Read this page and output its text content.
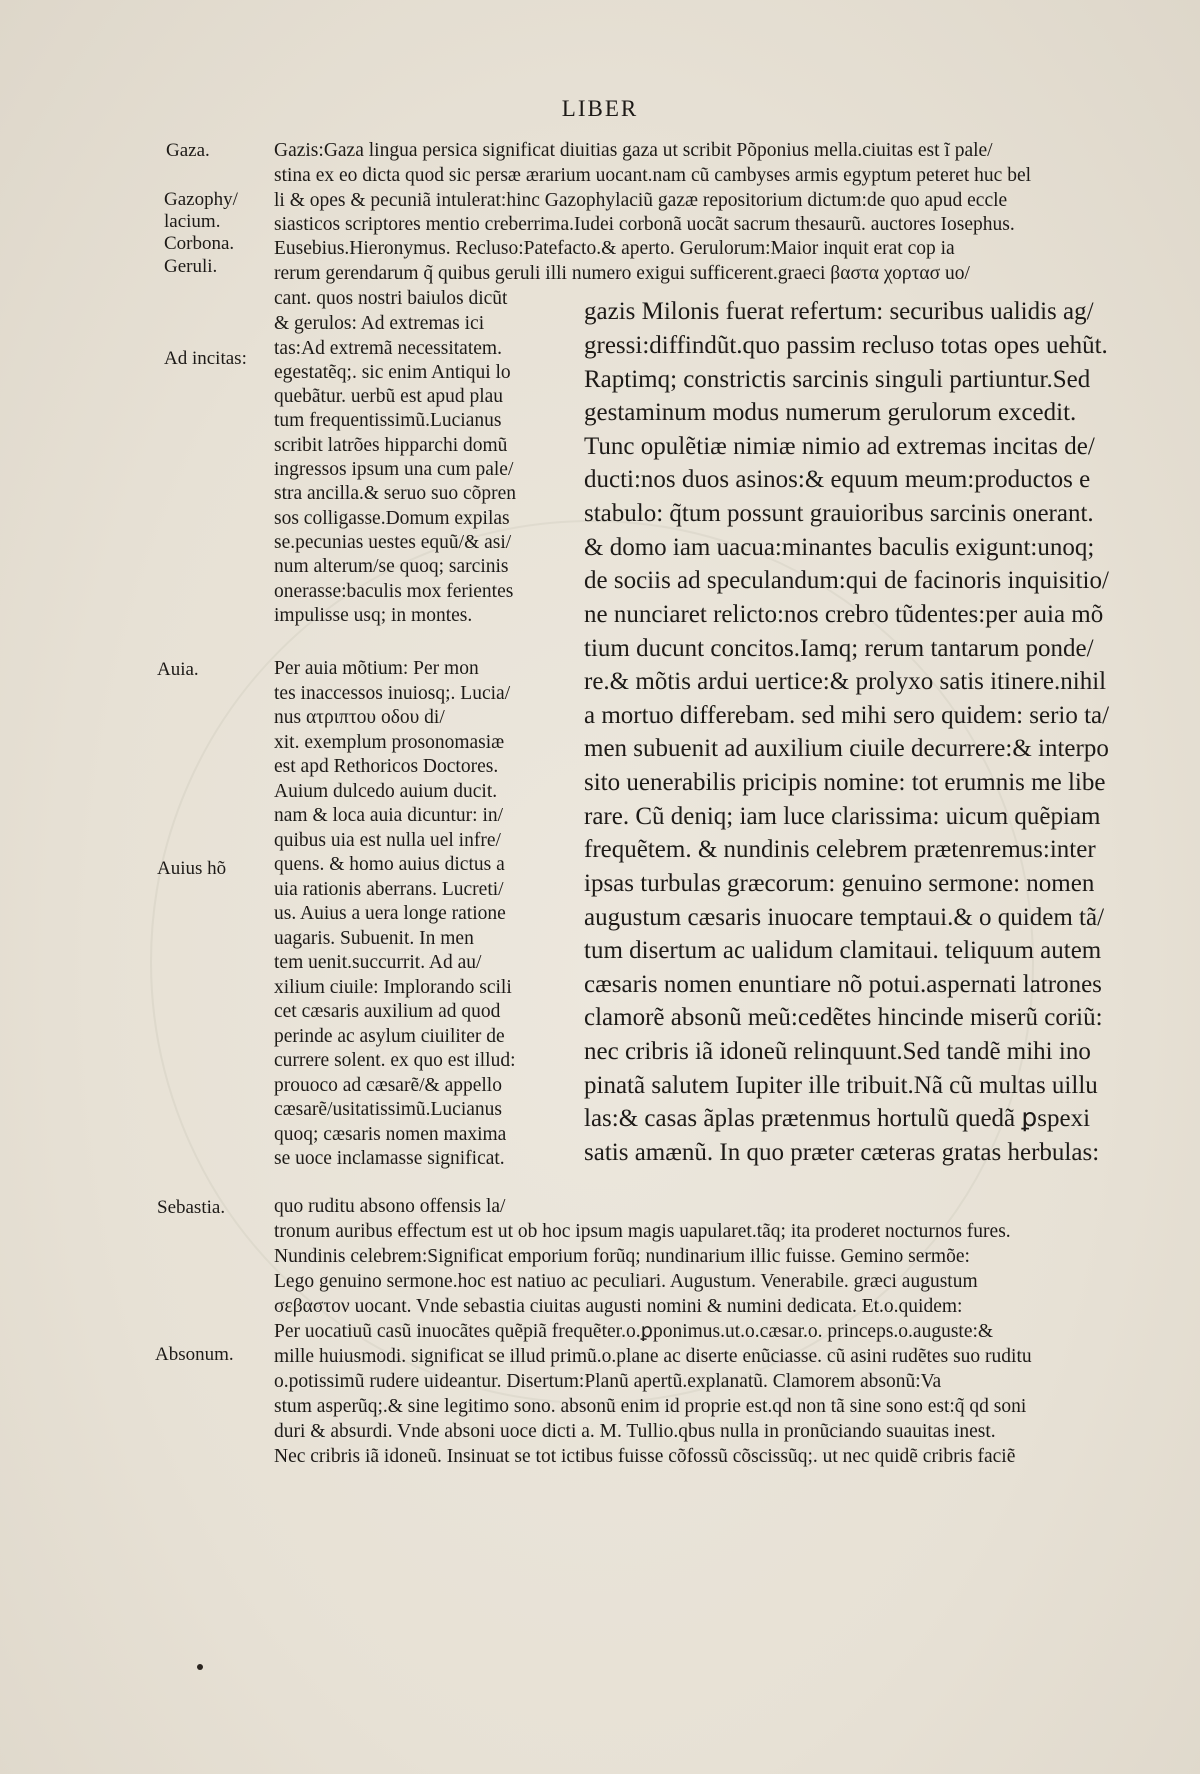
LIBER
Gaza.
Gazophy/
lacium.
Corbona.
Geruli.
Ad incitas:
Auia.
Auius hõ
Sebastia.
Absonum.
Gazis:Gaza lingua persica significat diuitias gaza ut scribit Põponius mella.ciuitas est ĩ pale/
stina ex eo dicta quod sic persæ ærarium uocant.nam cũ cambyses armis egyptum peteret huc bel
li & opes & pecuniã intulerat:hinc Gazophylaciũ gazæ repositorium dictum:de quo apud eccle
siasticos scriptores mentio creberrima.Iudei corbonã uocãt sacrum thesaurũ. auctores Iosephus.
Eusebius.Hieronymus. Recluso:Patefacto.& aperto. Gerulorum:Maior inquit erat cop ia
rerum gerendarum q̃ quibus geruli illi numero exigui sufficerent.graeci βαστα χορτασ uo/
cant. quos nostri baiulos dicũt
& gerulos: Ad extremas ici
tas:Ad extremã necessitatem.
egestatẽq;. sic enim Antiqui lo
quebãtur. uerbũ est apud plau
tum frequentissimũ.Lucianus
scribit latrões hipparchi domũ
ingressos ipsum una cum pale/
stra ancilla.& seruo suo cõpren
sos colligasse.Domum expilas
se.pecunias uestes equũ/& asi/
num alterum/se quoq; sarcinis
onerasse:baculis mox ferientes
impulisse usq; in montes.
Per auia mõtium: Per mon
tes inaccessos inuiosq;. Lucia/
nus ατριπτου οδου di/
xit. exemplum prosonomasiæ
est apd Rethoricos Doctores.
Auium dulcedo auium ducit.
nam & loca auia dicuntur: in/
quibus uia est nulla uel infre/
quens. & homo auius dictus a
uia rationis aberrans. Lucreti/
us. Auius a uera longe ratione
uagaris. Subuenit. In men
tem uenit.succurrit. Ad au/
xilium ciuile: Implorando scili
cet cæsaris auxilium ad quod
perinde ac asylum ciuiliter de
currere solent. ex quo est illud:
prouoco ad cæsarẽ/& appello
cæsarẽ/usitatissimũ.Lucianus
quoq; cæsaris nomen maxima
se uoce inclamasse significat.
quo ruditu absono offensis la/
gazis Milonis fuerat refertum: securibus ualidis ag/
gressi:diffindũt.quo passim recluso totas opes uehũt.
Raptimq; constrictis sarcinis singuli partiuntur.Sed
gestaminum modus numerum gerulorum excedit.
Tunc opulẽtiæ nimiæ nimio ad extremas incitas de/
ducti:nos duos asinos:& equum meum:productos e
stabulo: q̃tum possunt grauioribus sarcinis onerant.
& domo iam uacua:minantes baculis exigunt:unoq;
de sociis ad speculandum:qui de facinoris inquisitio/
ne nunciaret relicto:nos crebro tũdentes:per auia mõ
tium ducunt concitos.Iamq; rerum tantarum ponde/
re.& mõtis ardui uertice:& prolyxo satis itinere.nihil
a mortuo differebam. sed mihi sero quidem: serio ta/
men subuenit ad auxilium ciuile decurrere:& interpo
sito uenerabilis pricipis nomine: tot erumnis me libe
rare. Cũ deniq; iam luce clarissima: uicum quẽpiam
frequẽtem. & nundinis celebrem prætenremus:inter
ipsas turbulas græcorum: genuino sermone: nomen
augustum cæsaris inuocare temptaui.& o quidem tã/
tum disertum ac ualidum clamitaui. teliquum autem
cæsaris nomen enuntiare nõ potui.aspernati latrones
clamorẽ absonũ meũ:cedẽtes hincinde miserũ coriũ:
nec cribris iã idoneũ relinquunt.Sed tandẽ mihi ino
pinatã salutem Iupiter ille tribuit.Nã cũ multas uillu
las:& casas ãplas prætenmus hortulũ quedã ꝑspexi
satis amænũ. In quo præter cæteras gratas herbulas:
tronum auribus effectum est ut ob hoc ipsum magis uapularet.tãq; ita proderet nocturnos fures.
Nundinis celebrem:Significat emporium forũq; nundinarium illic fuisse. Gemino sermõe:
Lego genuino sermone.hoc est natiuo ac peculiari. Augustum. Venerabile. græci augustum
σεβαστον uocant. Vnde sebastia ciuitas augusti nomini & numini dedicata. Et.o.quidem:
Per uocatiuũ casũ inuocãtes quẽpiã frequẽter.o.ꝑponimus.ut.o.cæsar.o. princeps.o.auguste:&
mille huiusmodi. significat se illud primũ.o.plane ac diserte enũciasse. cũ asini rudẽtes suo ruditu
o.potissimũ rudere uideantur. Disertum:Planũ apertũ.explanatũ. Clamorem absonũ:Va
stum asperũq;.& sine legitimo sono. absonũ enim id proprie est.qd non tã sine sono est:q̃ qd soni
duri & absurdi. Vnde absoni uoce dicti a. M. Tullio.qbus nulla in pronũciando suauitas inest.
Nec cribris iã idoneũ. Insinuat se tot ictibus fuisse cõfossũ cõscissũq;. ut nec quidẽ cribris faciẽ
